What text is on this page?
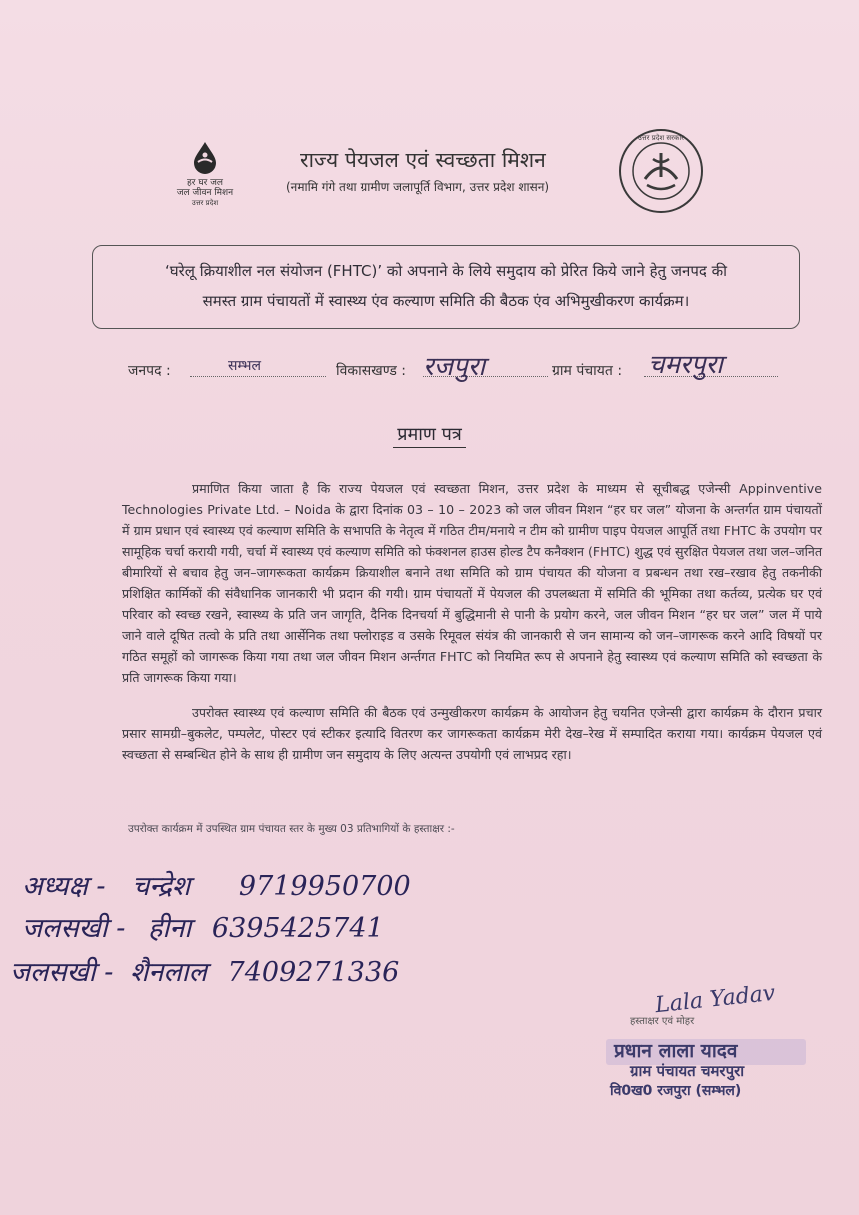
हर घर जल
जल जीवन मिशन
उत्तर प्रदेश
राज्य पेयजल एवं स्वच्छता मिशन
(नमामि गंगे तथा ग्रामीण जलापूर्ति विभाग, उत्तर प्रदेश शासन)
उत्तर प्रदेश सरकार
‘घरेलू क्रियाशील नल संयोजन (FHTC)’ को अपनाने के लिये समुदाय को प्रेरित किये जाने हेतु जनपद की
समस्त ग्राम पंचायतों में स्वास्थ्य एंव कल्याण समिति की बैठक एंव अभिमुखीकरण कार्यक्रम।
जनपद :	सम्भल	विकासखण्ड : रजपुरा	ग्राम पंचायत : चमरपुरा
प्रमाण पत्र

प्रमाणित किया जाता है कि राज्य पेयजल एवं स्वच्छता मिशन, उत्तर प्रदेश के माध्यम से सूचीबद्ध एजेन्सी Appinventive Technologies Private Ltd. – Noida के द्वारा दिनांक 03 – 10 – 2023 को जल जीवन मिशन “हर घर जल” योजना के अन्तर्गत ग्राम पंचायतों में ग्राम प्रधान एवं स्वास्थ्य एवं कल्याण समिति के सभापति के नेतृत्व में गठित टीम/मनाये न टीम को ग्रामीण पाइप पेयजल आपूर्ति तथा FHTC के उपयोग पर सामूहिक चर्चा करायी गयी, चर्चा में स्वास्थ्य एवं कल्याण समिति को फंक्शनल हाउस होल्ड टैप कनैक्शन (FHTC) शुद्ध एवं सुरक्षित पेयजल तथा जल–जनित बीमारियों से बचाव हेतु जन–जागरूकता कार्यक्रम क्रियाशील बनाने तथा समिति को ग्राम पंचायत की योजना व प्रबन्धन तथा रख–रखाव हेतु तकनीकी प्रशिक्षित कार्मिकों की संवैधानिक जानकारी भी प्रदान की गयी। ग्राम पंचायतों में पेयजल की उपलब्धता में समिति की भूमिका तथा कर्तव्य, प्रत्येक घर एवं परिवार को स्वच्छ रखने, स्वास्थ्य के प्रति जन जागृति, दैनिक दिनचर्या में बुद्धिमानी से पानी के प्रयोग करने, जल जीवन मिशन “हर घर जल” जल में पाये जाने वाले दूषित तत्वो के प्रति तथा आर्सेनिक तथा फ्लोराइड व उसके रिमूवल संयंत्र की जानकारी से जन सामान्य को जन–जागरूक करने आदि विषयों पर गठित समूहों को जागरूक किया गया तथा जल जीवन मिशन अर्न्तगत FHTC को नियमित रूप से अपनाने हेतु स्वास्थ्य एवं कल्याण समिति को स्वच्छता के प्रति जागरूक किया गया।

उपरोक्त स्वास्थ्य एवं कल्याण समिति की बैठक एवं उन्मुखीकरण कार्यक्रम के आयोजन हेतु चयनित एजेन्सी द्वारा कार्यक्रम के दौरान प्रचार प्रसार सामग्री–बुकलेट, पम्पलेट, पोस्टर एवं स्टीकर इत्यादि वितरण कर जागरूकता कार्यक्रम मेरी देख–रेख में सम्पादित कराया गया। कार्यक्रम पेयजल एवं स्वच्छता से सम्बन्धित होने के साथ ही ग्रामीण जन समुदाय के लिए अत्यन्त उपयोगी एवं लाभप्रद रहा।

उपरोक्त कार्यक्रम में उपस्थित ग्राम पंचायत स्तर के मुख्य 03 प्रतिभागियों के हस्ताक्षर :-
अध्यक्ष - चन्द्रेश 9719950700
जलसखी - हीना 6395425741
जलसखी - शैनलाल 7409271336
Lala Yadav
हस्ताक्षर एवं मोहर
प्रधान लाला यादव
ग्राम पंचायत चमरपुरा
वि0ख0 रजपुरा (सम्भल)
